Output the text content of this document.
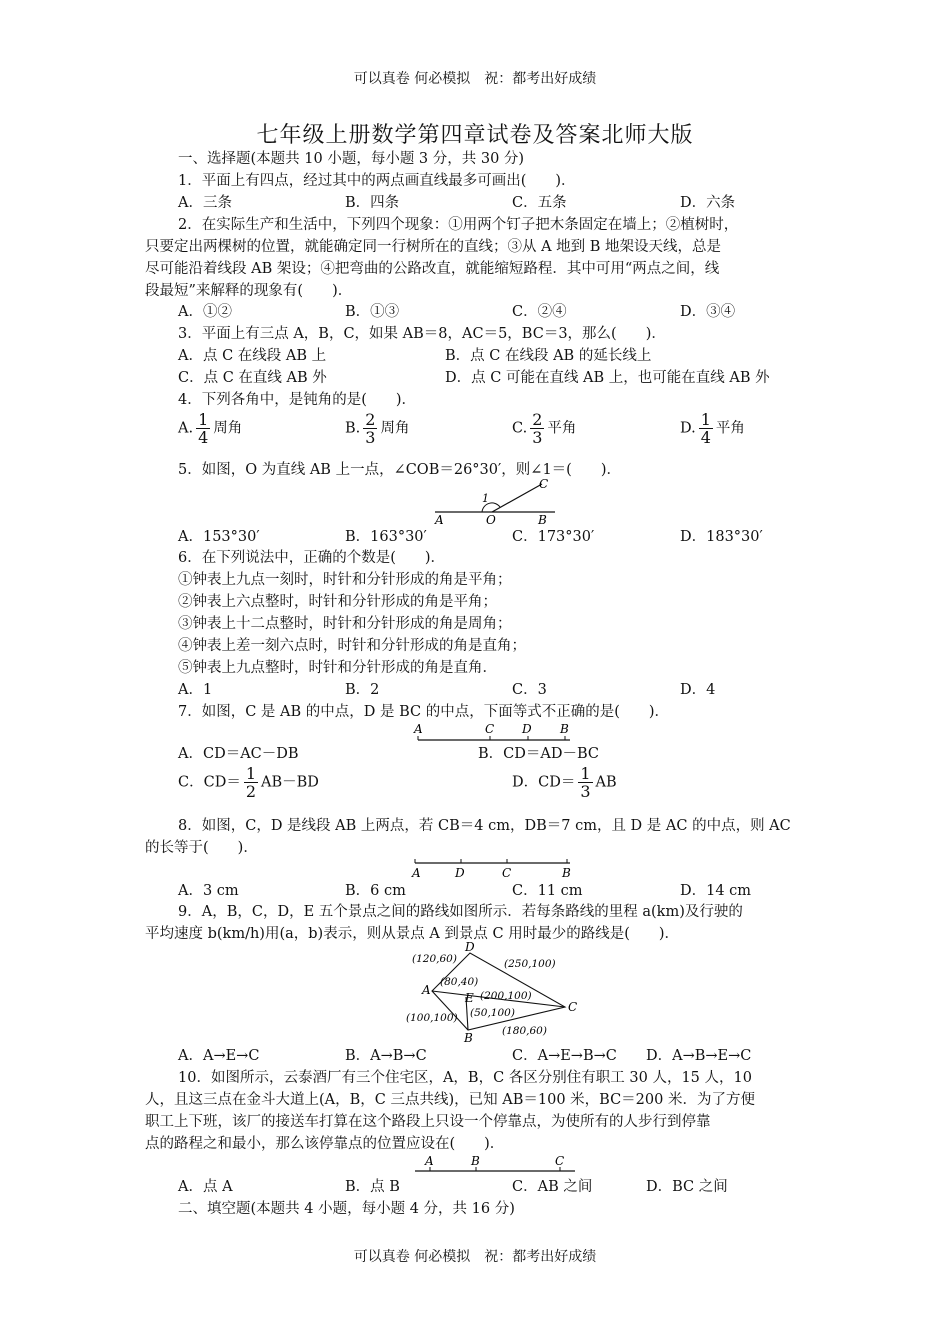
可以真卷 何必模拟　祝：都考出好成绩
七年级上册数学第四章试卷及答案北师大版
一、选择题(本题共 10 小题，每小题 3 分，共 30 分)
1．平面上有四点，经过其中的两点画直线最多可画出(　　)．
A．三条	B．四条	C．五条	D．六条
2．在实际生产和生活中，下列四个现象：①用两个钉子把木条固定在墙上；②植树时，
只要定出两棵树的位置，就能确定同一行树所在的直线；③从 A 地到 B 地架设天线，总是
尽可能沿着线段 AB 架设；④把弯曲的公路改直，就能缩短路程．其中可用“两点之间，线
段最短”来解释的现象有(　　)．
A．①②	B．①③	C．②④	D．③④
3．平面上有三点 A，B，C，如果 AB＝8，AC＝5，BC＝3，那么(　　)．
A．点 C 在线段 AB 上	B．点 C 在线段 AB 的延长线上
C．点 C 在直线 AB 外	D．点 C 可能在直线 AB 上，也可能在直线 AB 外
4．下列各角中，是钝角的是(　　)．
A. $\frac{1}{4}$ 周角	B. $\frac{2}{3}$ 周角	C. $\frac{2}{3}$ 平角	D. $\frac{1}{4}$ 平角
5．如图，O 为直线 AB 上一点，∠COB＝26°30′，则∠1＝(　　)．
A	O	B
C
1
A．153°30′	B．163°30′	C．173°30′	D．183°30′
6．在下列说法中，正确的个数是(　　)．
①钟表上九点一刻时，时针和分针形成的角是平角；
②钟表上六点整时，时针和分针形成的角是平角；
③钟表上十二点整时，时针和分针形成的角是周角；
④钟表上差一刻六点时，时针和分针形成的角是直角；
⑤钟表上九点整时，时针和分针形成的角是直角．
A．1	B．2	C．3	D．4
7．如图，C 是 AB 的中点，D 是 BC 的中点，下面等式不正确的是(　　)．
A	C D B
A．CD＝AC－DB	B．CD＝AD－BC
C．$CD= \frac{1}{2} AB-BD$	D．$CD= \frac{1}{3}$ AB
8．如图，C，D 是线段 AB 上两点，若 CB＝4 cm，DB＝7 cm，且 D 是 AC 的中点，则 AC
的长等于(　　)．
A	D	C	B
A．3 cm	B．6 cm	C．11 cm	D．14 cm
9．A，B，C，D，E 五个景点之间的路线如图所示．若每条路线的里程 a(km)及行驶的
平均速度 b(km/h)用(a，b)表示，则从景点 A 到景点 C 用时最少的路线是(　　)．
D
A
E
C
B
(120,60)	(250,100)
(80,40)
(200,100)
(50,100)
(100,100)
(180,60)
A．A→E→C	B．A→B→C	C．A→E→B→C D．A→B→E→C
10．如图所示，云泰酒厂有三个住宅区，A，B，C 各区分别住有职工 30 人，15 人，10
人，且这三点在金斗大道上(A，B，C 三点共线)，已知 AB＝100 米，BC＝200 米．为了方便
职工上下班，该厂的接送车打算在这个路段上只设一个停靠点，为使所有的人步行到停靠
点的路程之和最小，那么该停靠点的位置应设在(　　)．
A	B	C
A．点 A	B．点 B	C．AB 之间	D．BC 之间
二、填空题(本题共 4 小题，每小题 4 分，共 16 分)
可以真卷 何必模拟　祝：都考出好成绩
